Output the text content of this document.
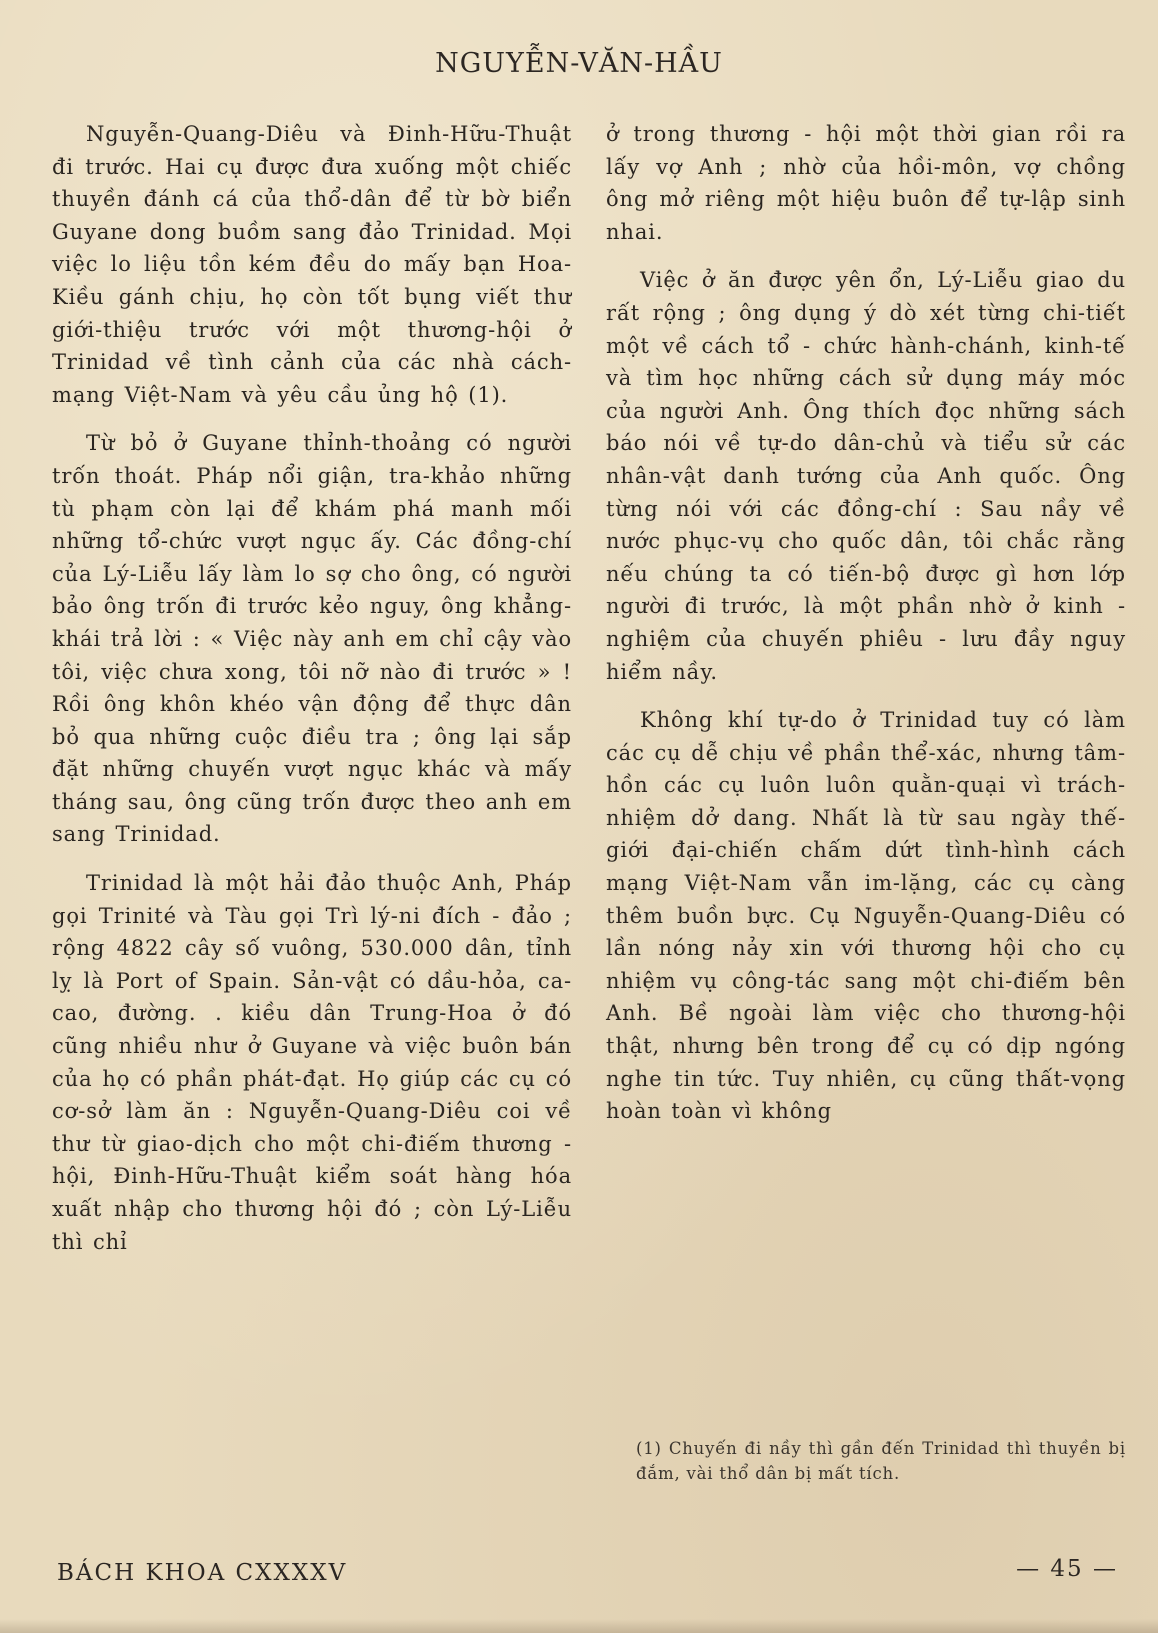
NGUYỄN-VĂN-HẦU

Nguyễn-Quang-Diêu và Đinh-Hữu-Thuật đi trước. Hai cụ được đưa xuống một chiếc thuyền đánh cá của thổ-dân để từ bờ biển Guyane dong buồm sang đảo Trinidad. Mọi việc lo liệu tồn kém đều do mấy bạn Hoa-Kiều gánh chịu, họ còn tốt bụng viết thư giới-thiệu trước với một thương-hội ở Trinidad về tình cảnh của các nhà cách-mạng Việt-Nam và yêu cầu ủng hộ (1).

Từ bỏ ở Guyane thỉnh-thoảng có người trốn thoát. Pháp nổi giận, tra-khảo những tù phạm còn lại để khám phá manh mối những tổ-chức vượt ngục ấy. Các đồng-chí của Lý-Liễu lấy làm lo sợ cho ông, có người bảo ông trốn đi trước kẻo nguy, ông khẳng-khái trả lời : « Việc này anh em chỉ cậy vào tôi, việc chưa xong, tôi nỡ nào đi trước » ! Rồi ông khôn khéo vận động để thực dân bỏ qua những cuộc điều tra ; ông lại sắp đặt những chuyến vượt ngục khác và mấy tháng sau, ông cũng trốn được theo anh em sang Trinidad.

Trinidad là một hải đảo thuộc Anh, Pháp gọi Trinité và Tàu gọi Trì lý-ni đích - đảo ; rộng 4822 cây số vuông, 530.000 dân, tỉnh lỵ là Port of Spain. Sản-vật có dầu-hỏa, ca-cao, đường. . kiều dân Trung-Hoa ở đó cũng nhiều như ở Guyane và việc buôn bán của họ có phần phát-đạt. Họ giúp các cụ có cơ-sở làm ăn : Nguyễn-Quang-Diêu coi về thư từ giao-dịch cho một chi-điếm thương - hội, Đinh-Hữu-Thuật kiểm soát hàng hóa xuất nhập cho thương hội đó ; còn Lý-Liễu thì chỉ

ở trong thương - hội một thời gian rồi ra lấy vợ Anh ; nhờ của hồi-môn, vợ chồng ông mở riêng một hiệu buôn để tự-lập sinh nhai.

Việc ở ăn được yên ổn, Lý-Liễu giao du rất rộng ; ông dụng ý dò xét từng chi-tiết một về cách tổ - chức hành-chánh, kinh-tế và tìm học những cách sử dụng máy móc của người Anh. Ông thích đọc những sách báo nói về tự-do dân-chủ và tiểu sử các nhân-vật danh tướng của Anh quốc. Ông từng nói với các đồng-chí : Sau nầy về nước phục-vụ cho quốc dân, tôi chắc rằng nếu chúng ta có tiến-bộ được gì hơn lớp người đi trước, là một phần nhờ ở kinh - nghiệm của chuyến phiêu - lưu đầy nguy hiểm nầy.

Không khí tự-do ở Trinidad tuy có làm các cụ dễ chịu về phần thể-xác, nhưng tâm-hồn các cụ luôn luôn quằn-quại vì trách-nhiệm dở dang. Nhất là từ sau ngày thế-giới đại-chiến chấm dứt tình-hình cách mạng Việt-Nam vẫn im-lặng, các cụ càng thêm buồn bực. Cụ Nguyễn-Quang-Diêu có lần nóng nảy xin với thương hội cho cụ nhiệm vụ công-tác sang một chi-điếm bên Anh. Bề ngoài làm việc cho thương-hội thật, nhưng bên trong để cụ có dịp ngóng nghe tin tức. Tuy nhiên, cụ cũng thất-vọng hoàn toàn vì không

(1) Chuyến đi nầy thì gần đến Trinidad thì thuyền bị đắm, vài thổ dân bị mất tích.
BÁCH KHOA CXXXXV	— 45 —
